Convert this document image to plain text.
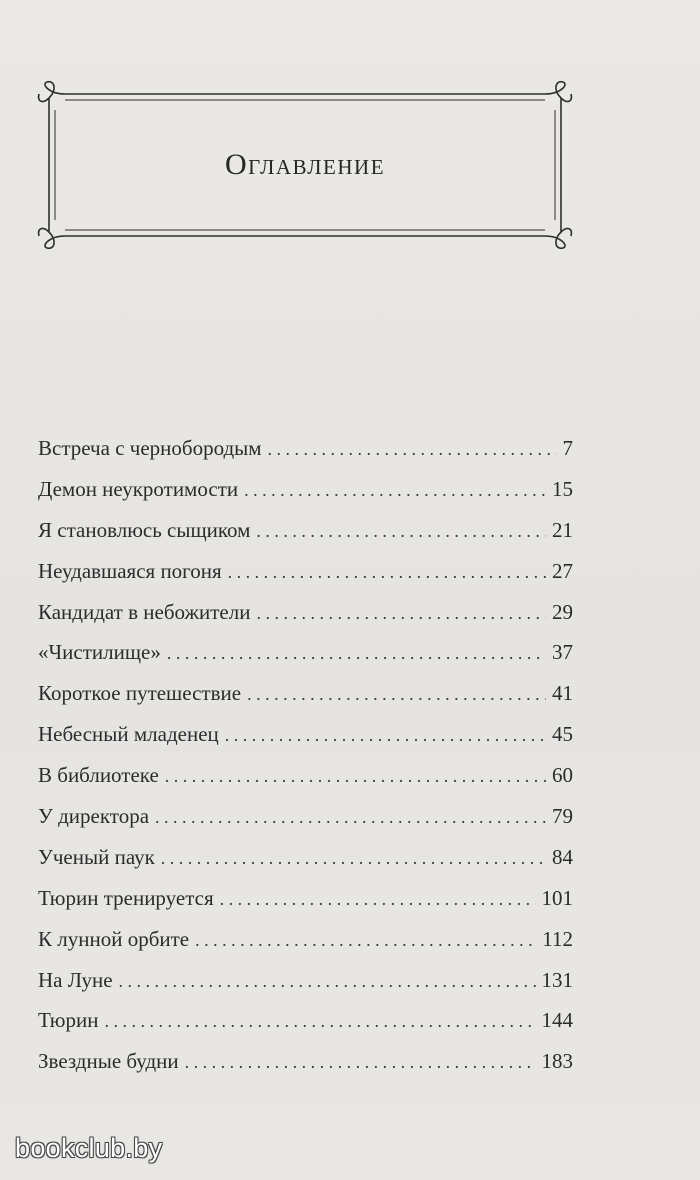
Оглавление
Встреча с чернобородым . . .	7
Демон неукротимости . . .	15
Я становлюсь сыщиком . . .	21
Неудавшаяся погоня . . .	27
Кандидат в небожители . . .	29
«Чистилище» . . .	37
Короткое путешествие . . .	41
Небесный младенец . . .	45
В библиотеке . . .	60
У директора . . .	79
Ученый паук . . .	84
Тюрин тренируется . . .	101
К лунной орбите . . .	112
На Луне . . .	131
Тюрин . . .	144
Звездные будни . . .	183
bookclub.by
